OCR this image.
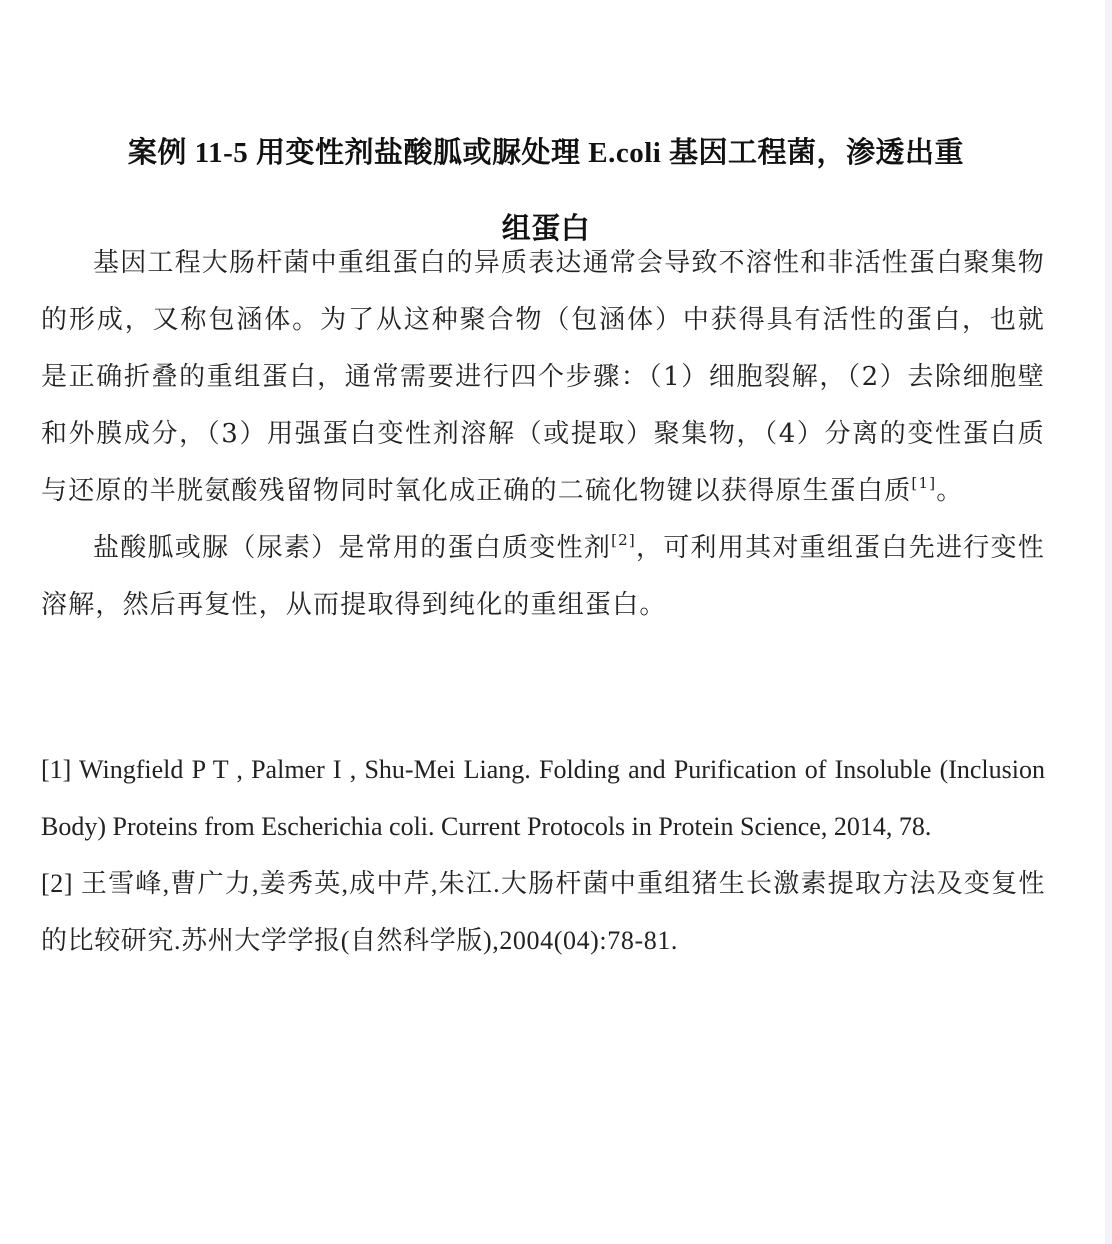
案例 11-5 用变性剂盐酸胍或脲处理 E.coli 基因工程菌，渗透出重
组蛋白

基因工程大肠杆菌中重组蛋白的异质表达通常会导致不溶性和非活性蛋白聚集物的形成，又称包涵体。为了从这种聚合物（包涵体）中获得具有活性的蛋白，也就是正确折叠的重组蛋白，通常需要进行四个步骤：（1）细胞裂解，（2）去除细胞壁和外膜成分，（3）用强蛋白变性剂溶解（或提取）聚集物，（4）分离的变性蛋白质与还原的半胱氨酸残留物同时氧化成正确的二硫化物键以获得原生蛋白质[1]。

盐酸胍或脲（尿素）是常用的蛋白质变性剂[2]，可利用其对重组蛋白先进行变性溶解，然后再复性，从而提取得到纯化的重组蛋白。

[1] Wingfield P T , Palmer I , Shu-Mei Liang. Folding and Purification of Insoluble (Inclusion Body) Proteins from Escherichia coli. Current Protocols in Protein Science, 2014, 78.

[2] 王雪峰,曹广力,姜秀英,成中芹,朱江.大肠杆菌中重组猪生长激素提取方法及变复性的比较研究.苏州大学学报(自然科学版),2004(04):78-81.
